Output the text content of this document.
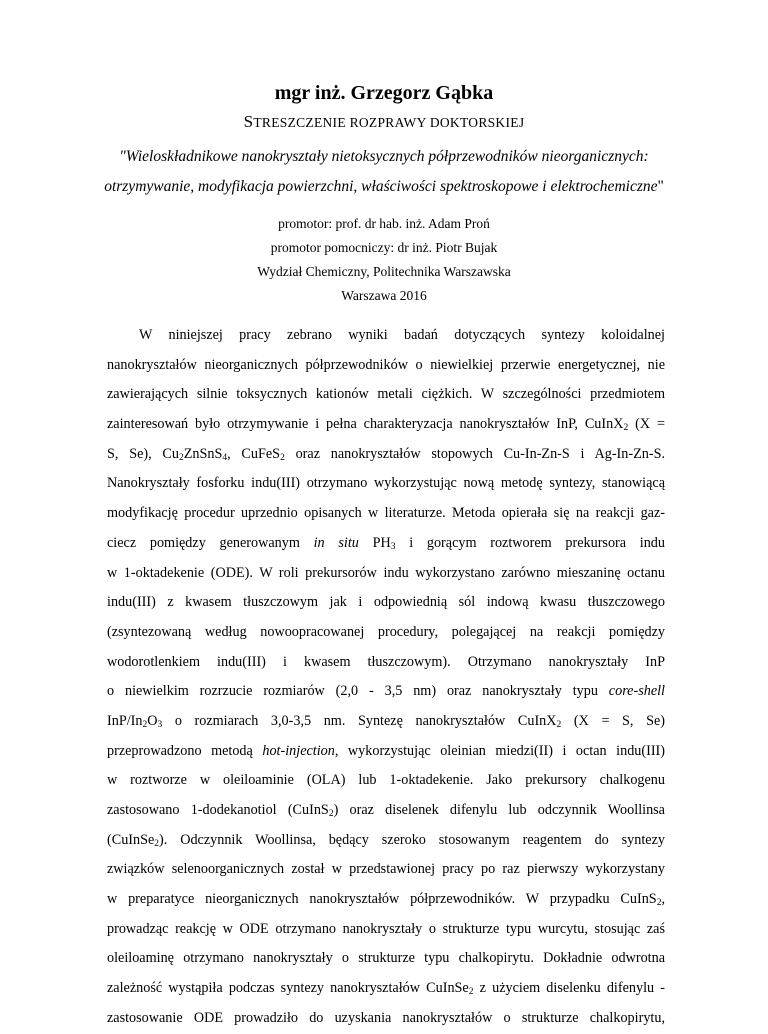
mgr inż. Grzegorz Gąbka
STRESZCZENIE ROZPRAWY DOKTORSKIEJ
"Wieloskładnikowe nanokryształy nietoksycznych półprzewodników nieorganicznych:
otrzymywanie, modyfikacja powierzchni, właściwości spektroskopowe i elektrochemiczne"
promotor: prof. dr hab. inż. Adam Proń
promotor pomocniczy: dr inż. Piotr Bujak
Wydział Chemiczny, Politechnika Warszawska
Warszawa 2016
W niniejszej pracy zebrano wyniki badań dotyczących syntezy koloidalnej
nanokryształów nieorganicznych półprzewodników o niewielkiej przerwie energetycznej, nie
zawierających silnie toksycznych kationów metali ciężkich. W szczególności przedmiotem
zainteresowań było otrzymywanie i pełna charakteryzacja nanokryształów InP, CuInX$_2$ (X =
S, Se), $Cu_2ZnSnS_4$, CuFeS$_2$ oraz nanokryształów stopowych Cu-In-Zn-S i Ag-In-Zn-S.
Nanokryształy fosforku indu(III) otrzymano wykorzystując nową metodę syntezy, stanowiącą
modyfikację procedur uprzednio opisanych w literaturze. Metoda opierała się na reakcji gaz-
ciecz pomiędzy generowanym in situ $PH_3$ i gorącym roztworem prekursora indu
w 1-oktadekenie (ODE). W roli prekursorów indu wykorzystano zarówno mieszaninę octanu
indu(III) z kwasem tłuszczowym jak i odpowiednią sól indową kwasu tłuszczowego
(zsyntezowaną według nowoopracowanej procedury, polegającej na reakcji pomiędzy
wodorotlenkiem indu(III) i kwasem tłuszczowym). Otrzymano nanokryształy InP
o niewielkim rozrzucie rozmiarów (2,0 - 3,5 nm) oraz nanokryształy typu core-shell
InP/$In_2O_3$ o rozmiarach 3,0-3,5 nm. Syntezę nanokryształów CuInX$_2$ (X = S, Se)
przeprowadzono metodą hot-injection, wykorzystując oleinian miedzi(II) i octan indu(III)
w roztworze w oleiloaminie (OLA) lub 1-oktadekenie. Jako prekursory chalkogenu
zastosowano 1-dodekanotiol (CuInS$_2$) oraz diselenek difenylu lub odczynnik Woollinsa
(CuInSe$_2$). Odczynnik Woollinsa, będący szeroko stosowanym reagentem do syntezy
związków selenoorganicznych został w przedstawionej pracy po raz pierwszy wykorzystany
w preparatyce nieorganicznych nanokryształów półprzewodników. W przypadku CuInS$_2$,
prowadząc reakcję w ODE otrzymano nanokryształy o strukturze typu wurcytu, stosując zaś
oleiloaminę otrzymano nanokryształy o strukturze typu chalkopirytu. Dokładnie odwrotna
zależność wystąpiła podczas syntezy nanokryształów CuInSe$_2$ z użyciem diselenku difenylu -
zastosowanie ODE prowadziło do uzyskania nanokryształów o strukturze chalkopirytu,
